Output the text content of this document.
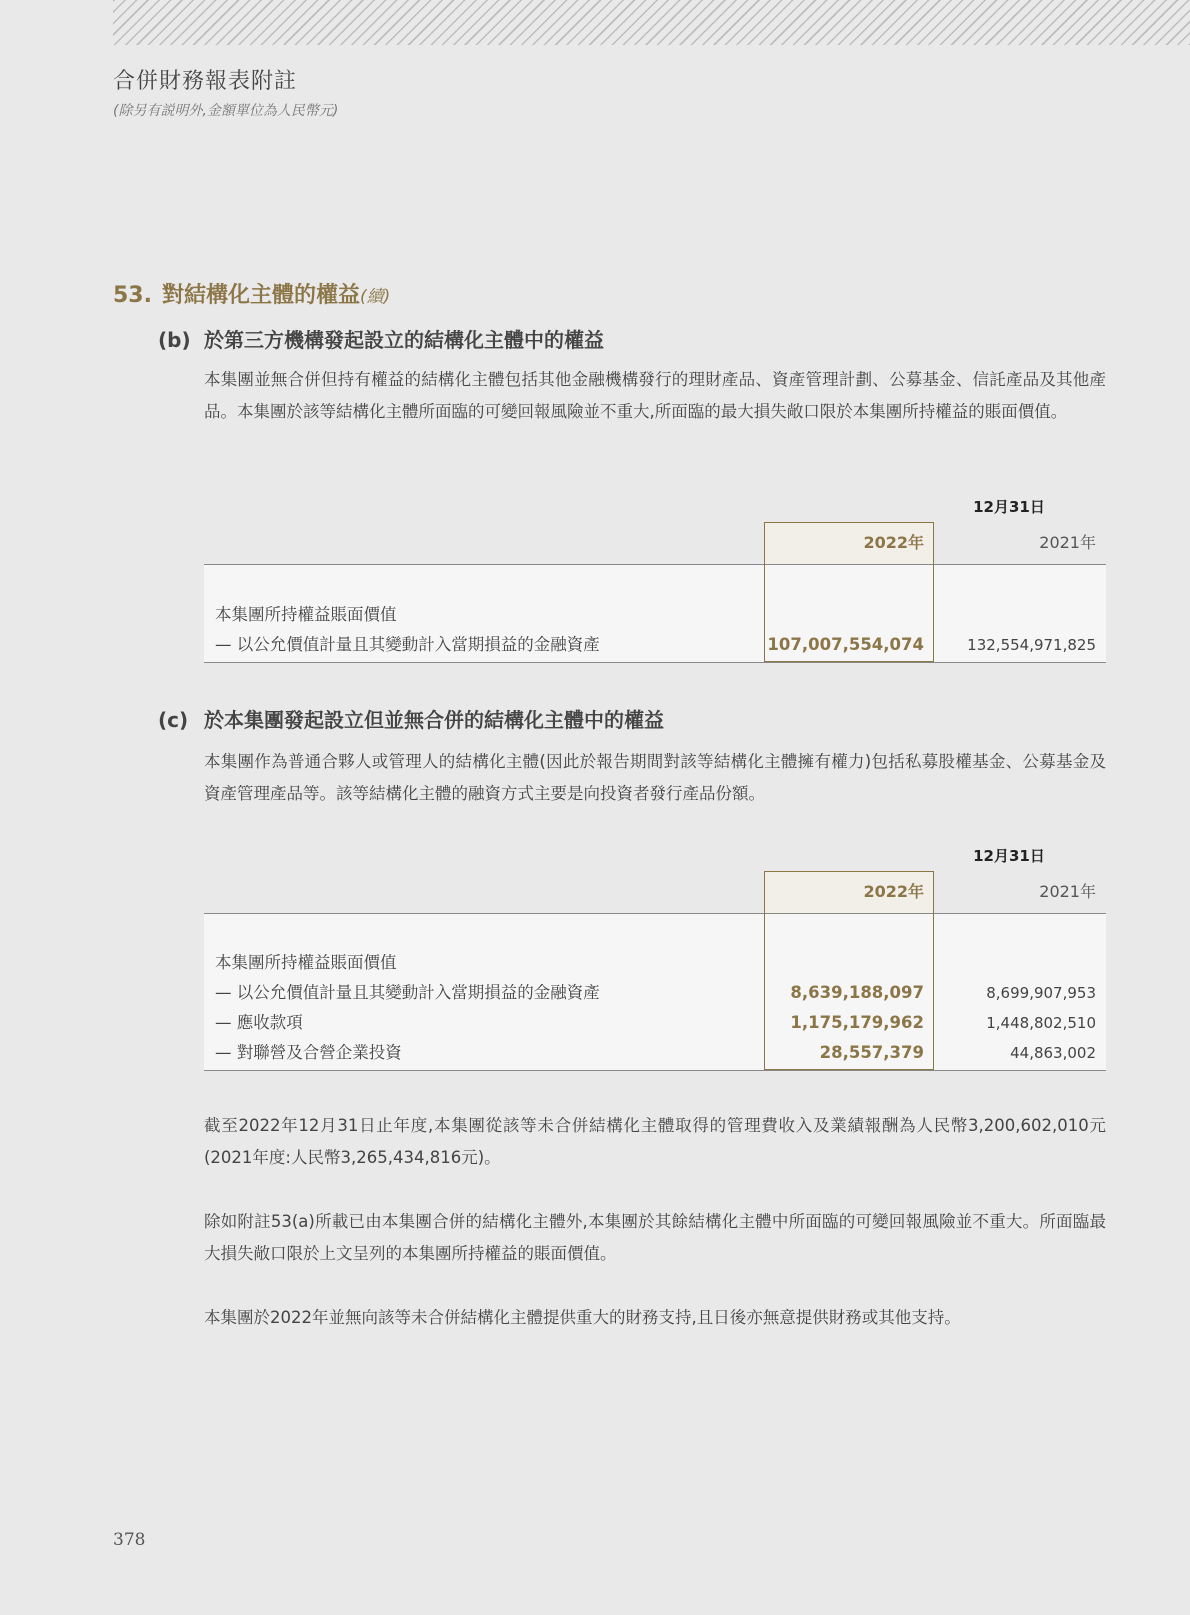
合併財務報表附註
(除另有説明外,金額單位為人民幣元)
53. 對結構化主體的權益(續)
(b) 於第三方機構發起設立的結構化主體中的權益
本集團並無合併但持有權益的結構化主體包括其他金融機構發行的理財產品、資產管理計劃、公募基金、信託產品及其他產品。本集團於該等結構化主體所面臨的可變回報風險並不重大,所面臨的最大損失敞口限於本集團所持權益的賬面價值。
12月31日
2022年	2021年
本集團所持權益賬面價值
— 以公允價值計量且其變動計入當期損益的金融資產	107,007,554,074	132,554,971,825
(c) 於本集團發起設立但並無合併的結構化主體中的權益
本集團作為普通合夥人或管理人的結構化主體(因此於報告期間對該等結構化主體擁有權力)包括私募股權基金、公募基金及資產管理產品等。該等結構化主體的融資方式主要是向投資者發行產品份額。
12月31日
2022年	2021年
本集團所持權益賬面價值
— 以公允價值計量且其變動計入當期損益的金融資產	8,639,188,097	8,699,907,953
— 應收款項	1,175,179,962	1,448,802,510
— 對聯營及合營企業投資	28,557,379	44,863,002
截至2022年12月31日止年度,本集團從該等未合併結構化主體取得的管理費收入及業績報酬為人民幣3,200,602,010元(2021年度:人民幣3,265,434,816元)。
除如附註53(a)所載已由本集團合併的結構化主體外,本集團於其餘結構化主體中所面臨的可變回報風險並不重大。所面臨最大損失敞口限於上文呈列的本集團所持權益的賬面價值。
本集團於2022年並無向該等未合併結構化主體提供重大的財務支持,且日後亦無意提供財務或其他支持。
378
